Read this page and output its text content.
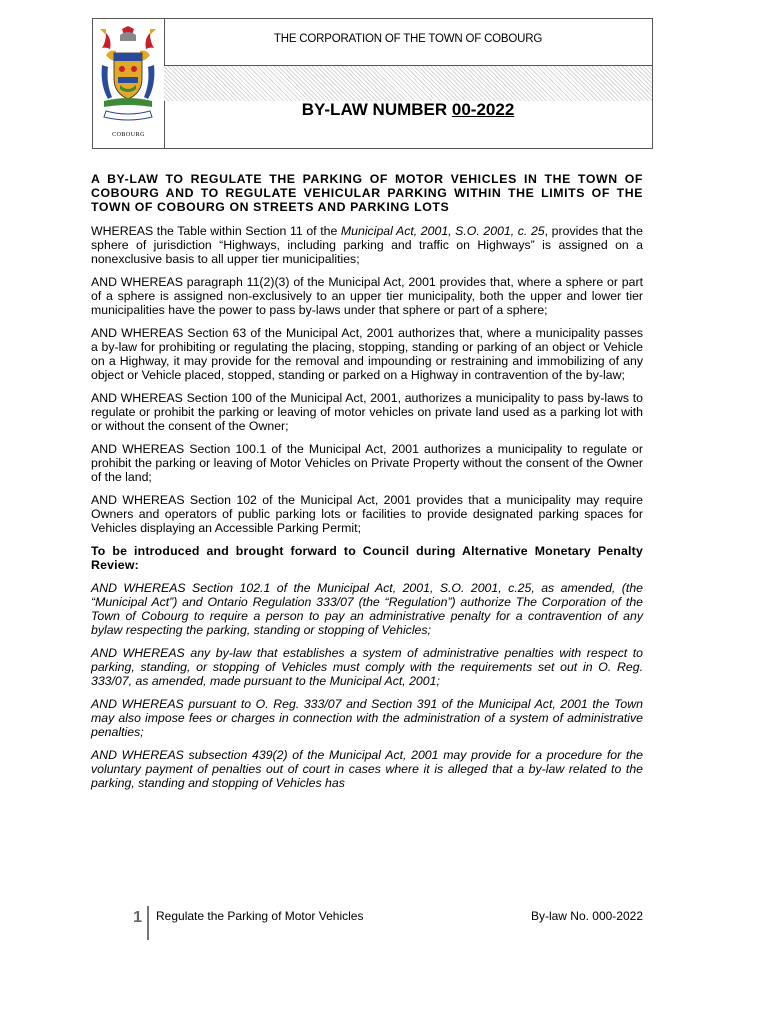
COBOURG
THE CORPORATION OF THE TOWN OF COBOURG
BY-LAW NUMBER 00-2022

A BY-LAW TO REGULATE THE PARKING OF MOTOR VEHICLES IN THE TOWN OF COBOURG AND TO REGULATE VEHICULAR PARKING WITHIN THE LIMITS OF THE TOWN OF COBOURG ON STREETS AND PARKING LOTS

WHEREAS the Table within Section 11 of the Municipal Act, 2001, S.O. 2001, c. 25, provides that the sphere of jurisdiction “Highways, including parking and traffic on Highways” is assigned on a nonexclusive basis to all upper tier municipalities;

AND WHEREAS paragraph 11(2)(3) of the Municipal Act, 2001 provides that, where a sphere or part of a sphere is assigned non-exclusively to an upper tier municipality, both the upper and lower tier municipalities have the power to pass by-laws under that sphere or part of a sphere;

AND WHEREAS Section 63 of the Municipal Act, 2001 authorizes that, where a municipality passes a by-law for prohibiting or regulating the placing, stopping, standing or parking of an object or Vehicle on a Highway, it may provide for the removal and impounding or restraining and immobilizing of any object or Vehicle placed, stopped, standing or parked on a Highway in contravention of the by-law;

AND WHEREAS Section 100 of the Municipal Act, 2001, authorizes a municipality to pass by-laws to regulate or prohibit the parking or leaving of motor vehicles on private land used as a parking lot with or without the consent of the Owner;

AND WHEREAS Section 100.1 of the Municipal Act, 2001 authorizes a municipality to regulate or prohibit the parking or leaving of Motor Vehicles on Private Property without the consent of the Owner of the land;

AND WHEREAS Section 102 of the Municipal Act, 2001 provides that a municipality may require Owners and operators of public parking lots or facilities to provide designated parking spaces for Vehicles displaying an Accessible Parking Permit;

To be introduced and brought forward to Council during Alternative Monetary Penalty Review:

AND WHEREAS Section 102.1 of the Municipal Act, 2001, S.O. 2001, c.25, as amended, (the “Municipal Act”) and Ontario Regulation 333/07 (the “Regulation”) authorize The Corporation of the Town of Cobourg to require a person to pay an administrative penalty for a contravention of any bylaw respecting the parking, standing or stopping of Vehicles;

AND WHEREAS any by-law that establishes a system of administrative penalties with respect to parking, standing, or stopping of Vehicles must comply with the requirements set out in O. Reg. 333/07, as amended, made pursuant to the Municipal Act, 2001;

AND WHEREAS pursuant to O. Reg. 333/07 and Section 391 of the Municipal Act, 2001 the Town may also impose fees or charges in connection with the administration of a system of administrative penalties;

AND WHEREAS subsection 439(2) of the Municipal Act, 2001 may provide for a procedure for the voluntary payment of penalties out of court in cases where it is alleged that a by-law related to the parking, standing and stopping of Vehicles has

1 Regulate the Parking of Motor Vehicles	By-law No. 000-2022
